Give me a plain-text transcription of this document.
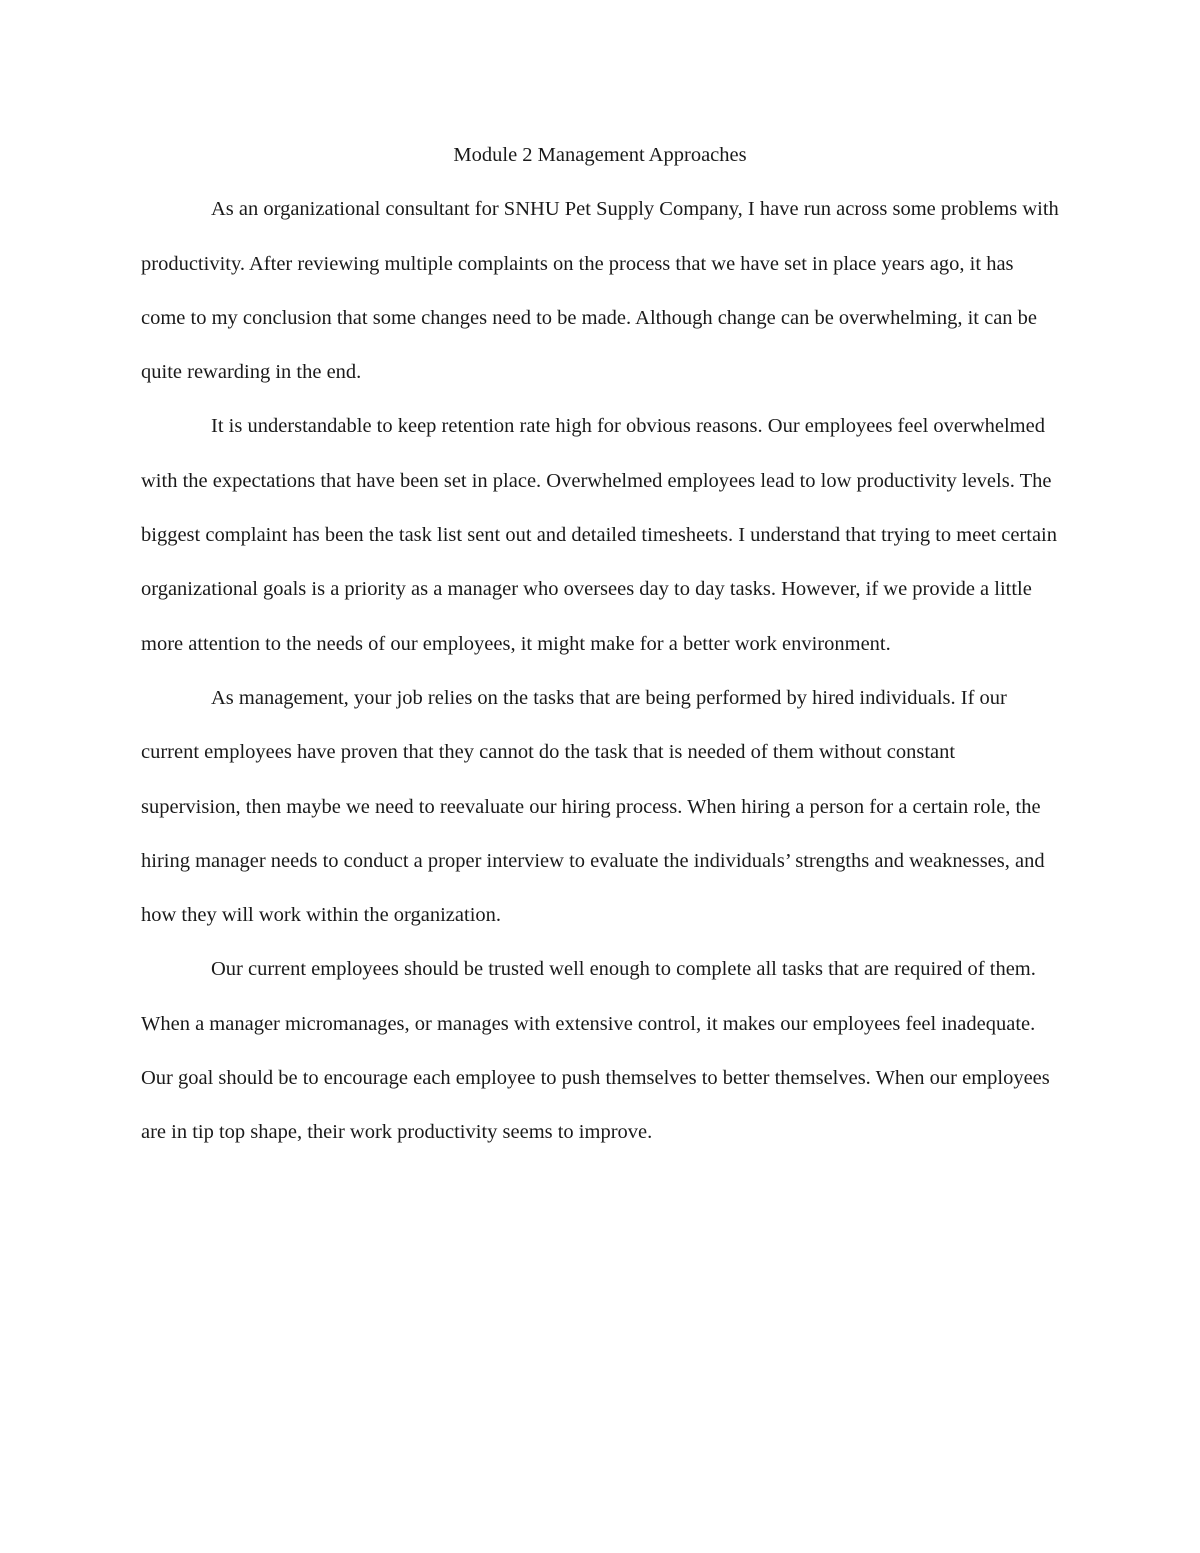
Module 2 Management Approaches

As an organizational consultant for SNHU Pet Supply Company, I have run across some problems with productivity. After reviewing multiple complaints on the process that we have set in place years ago, it has come to my conclusion that some changes need to be made. Although change can be overwhelming, it can be quite rewarding in the end.

It is understandable to keep retention rate high for obvious reasons. Our employees feel overwhelmed with the expectations that have been set in place. Overwhelmed employees lead to low productivity levels. The biggest complaint has been the task list sent out and detailed timesheets. I understand that trying to meet certain organizational goals is a priority as a manager who oversees day to day tasks. However, if we provide a little more attention to the needs of our employees, it might make for a better work environment.

As management, your job relies on the tasks that are being performed by hired individuals. If our current employees have proven that they cannot do the task that is needed of them without constant supervision, then maybe we need to reevaluate our hiring process. When hiring a person for a certain role, the hiring manager needs to conduct a proper interview to evaluate the individuals’ strengths and weaknesses, and how they will work within the organization.

Our current employees should be trusted well enough to complete all tasks that are required of them. When a manager micromanages, or manages with extensive control, it makes our employees feel inadequate. Our goal should be to encourage each employee to push themselves to better themselves. When our employees are in tip top shape, their work productivity seems to improve.
